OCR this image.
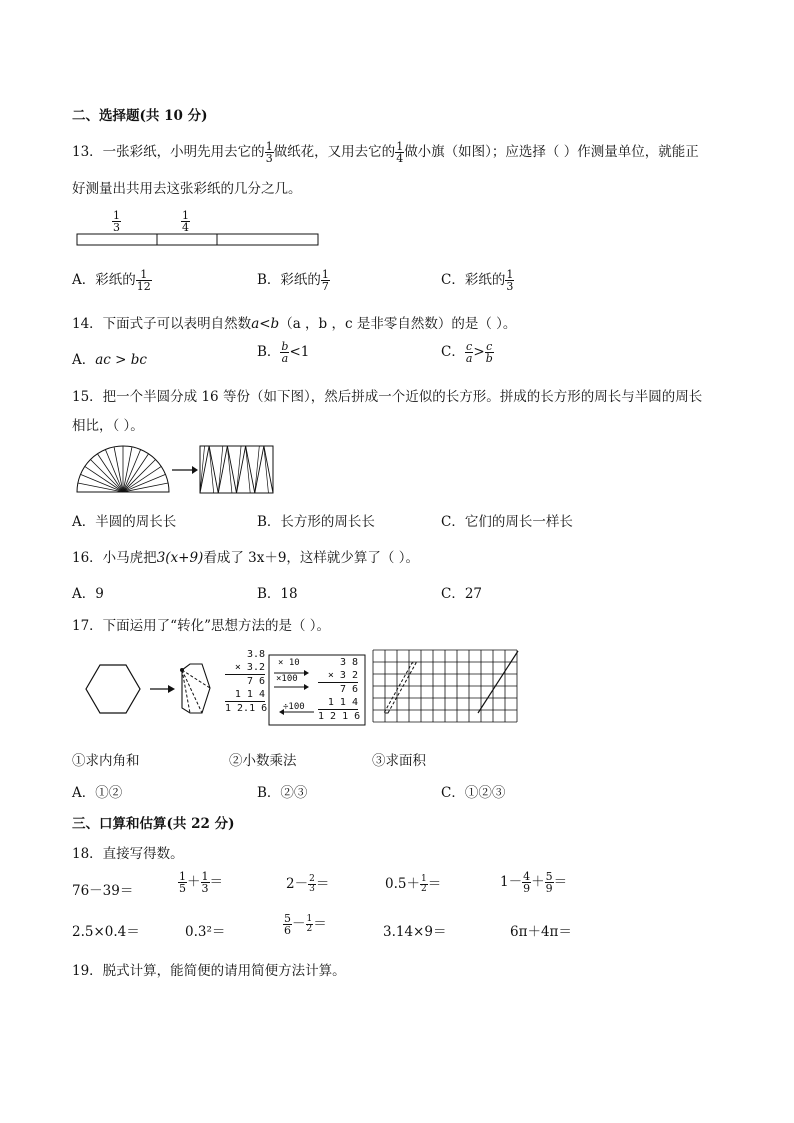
二、选择题(共 10 分)
13．一张彩纸，小明先用去它的 $\frac{1}{3}$ 做纸花，又用去它的 $\frac{1}{4}$ 做小旗（如图）；应选择（ ）作测量单位，就能正
好测量出共用去这张彩纸的几分之几。
$\frac{1}{3}$	$\frac{1}{4}$
A．彩纸的 $\frac{1}{12}$	B．彩纸的 $\frac{1}{7}$	C．彩纸的 $\frac{1}{3}$
14．下面式子可以表明自然数a<b（a ，b ，c 是非零自然数）的是（ ）。
A．ac > bc	B． $\frac{b}{a} <1$	C． $\frac{c}{a} > \frac{c}{b}$
15．把一个半圆分成 16 等份（如下图），然后拼成一个近似的长方形。拼成的长方形的周长与半圆的周长
相比，（ ）。
A．半圆的周长长	B．长方形的周长长	C．它们的周长一样长
16．小马虎把3(x+9)看成了 3x＋9，这样就少算了（ ）。
A．9	B．18	C．27
17．下面运用了“转化”思想方法的是（ ）。
3.8
× 3.2
7 6
1 1 4
1 2.1 6
× 10
×100
÷100
3 8
× 3 2
7 6
1 1 4
1 2 1 6
①求内角和	②小数乘法	③求面积
A．①②	B．②③	C．①②③
三、口算和估算(共 22 分)
18．直接写得数。
76－39＝	$\frac{1}{5} + \frac{1}{3}$ ＝	$2- \frac{2}{3}$ ＝	$0.5+ \frac{1}{2}$ ＝	$1- \frac{4}{9} + \frac{5}{9}$ ＝
2.5×0.4＝	0.3²＝	$\frac{5}{6} - \frac{1}{2}$ ＝	3.14×9＝	6π＋4π＝
19．脱式计算，能简便的请用简便方法计算。
